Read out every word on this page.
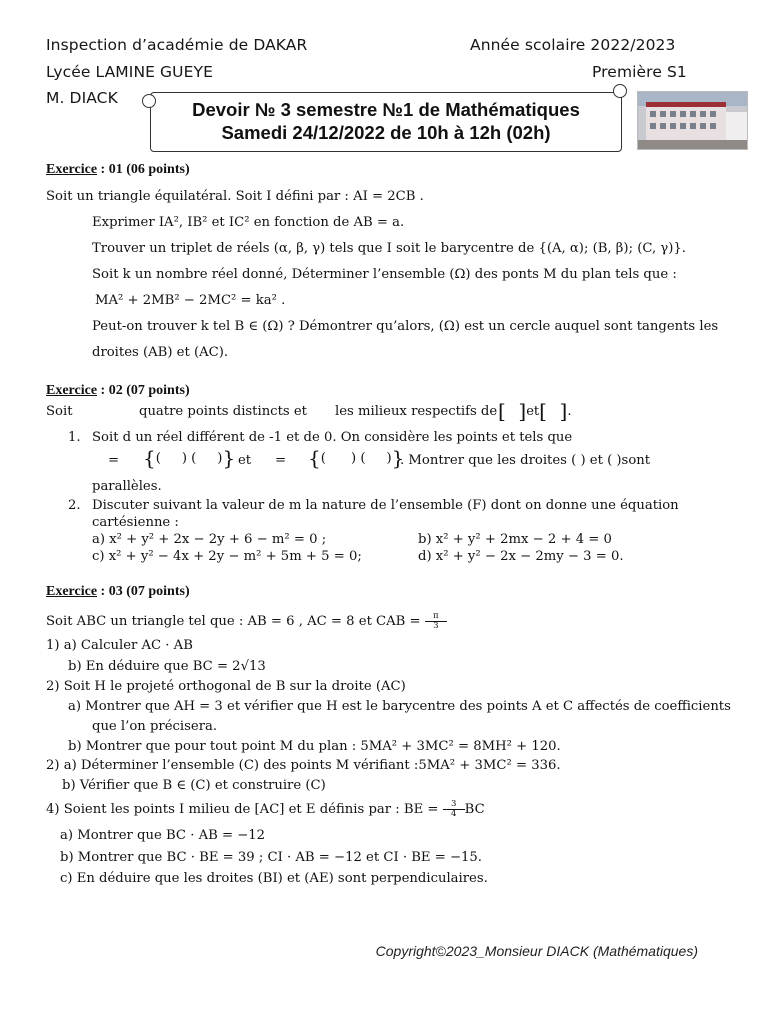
Inspection d’académie de DAKAR	Année scolaire 2022/2023
Lycée LAMINE GUEYE	Première S1
M. DIACK
Devoir № 3 semestre №1 de Mathématiques
Samedi 24/12/2022 de 10h à 12h (02h)
Exercice : 01 (06 points)
Soit un triangle équilatéral. Soit I défini par : AI = 2CB .
Exprimer IA², IB² et IC² en fonction de AB = a.
Trouver un triplet de réels (α, β, γ) tels que I soit le barycentre de {(A, α); (B, β); (C, γ)}.
Soit k un nombre réel donné, Déterminer l’ensemble (Ω) des ponts M du plan tels que :
MA² + 2MB² − 2MC² = ka² .
Peut-on trouver k tel B ∈ (Ω) ? Démontrer qu’alors, (Ω) est un cercle auquel sont tangents les
droites (AB) et (AC).
Exercice : 02 (07 points)
Soit	quatre points distincts et les milieux respectifs de [ ]et[ ].
1. Soit d un réel différent de -1 et de 0. On considère les points et tels que
= {(     ) (     )} et = {(      ) (     )}
. Montrer que les droites ( ) et ( )sont
parallèles.
2. Discuter suivant la valeur de m la nature de l’ensemble (F) dont on donne une équation
cartésienne :
a) x² + y² + 2x − 2y + 6 − m² = 0 ;	b) x² + y² + 2mx − 2 + 4 = 0
c) x² + y² − 4x + 2y − m² + 5m + 5 = 0;	d) x² + y² − 2x − 2my − 3 = 0.
Exercice : 03 (07 points)
Soit ABC un triangle tel que : AB = 6 , AC = 8 et CAB = $\frac{\pi}{3}$
1) a) Calculer AC · AB
b) En déduire que BC = 2√13
2) Soit H le projeté orthogonal de B sur la droite (AC)
a) Montrer que AH = 3 et vérifier que H est le barycentre des points A et C affectés de coefficients
que l’on précisera.
b) Montrer que pour tout point M du plan : 5MA² + 3MC² = 8MH² + 120.
2) a) Déterminer l’ensemble (C) des points M vérifiant :5MA² + 3MC² = 336.
b) Vérifier que B ∈ (C) et construire (C)
4) Soient les points I milieu de [AC] et E définis par : BE = $\frac{3}{4}$ BC
a) Montrer que BC · AB = −12
b) Montrer que BC · BE = 39 ; CI · AB = −12 et CI · BE = −15.
c) En déduire que les droites (BI) et (AE) sont perpendiculaires.
Copyright©2023_Monsieur DIACK (Mathématiques)
